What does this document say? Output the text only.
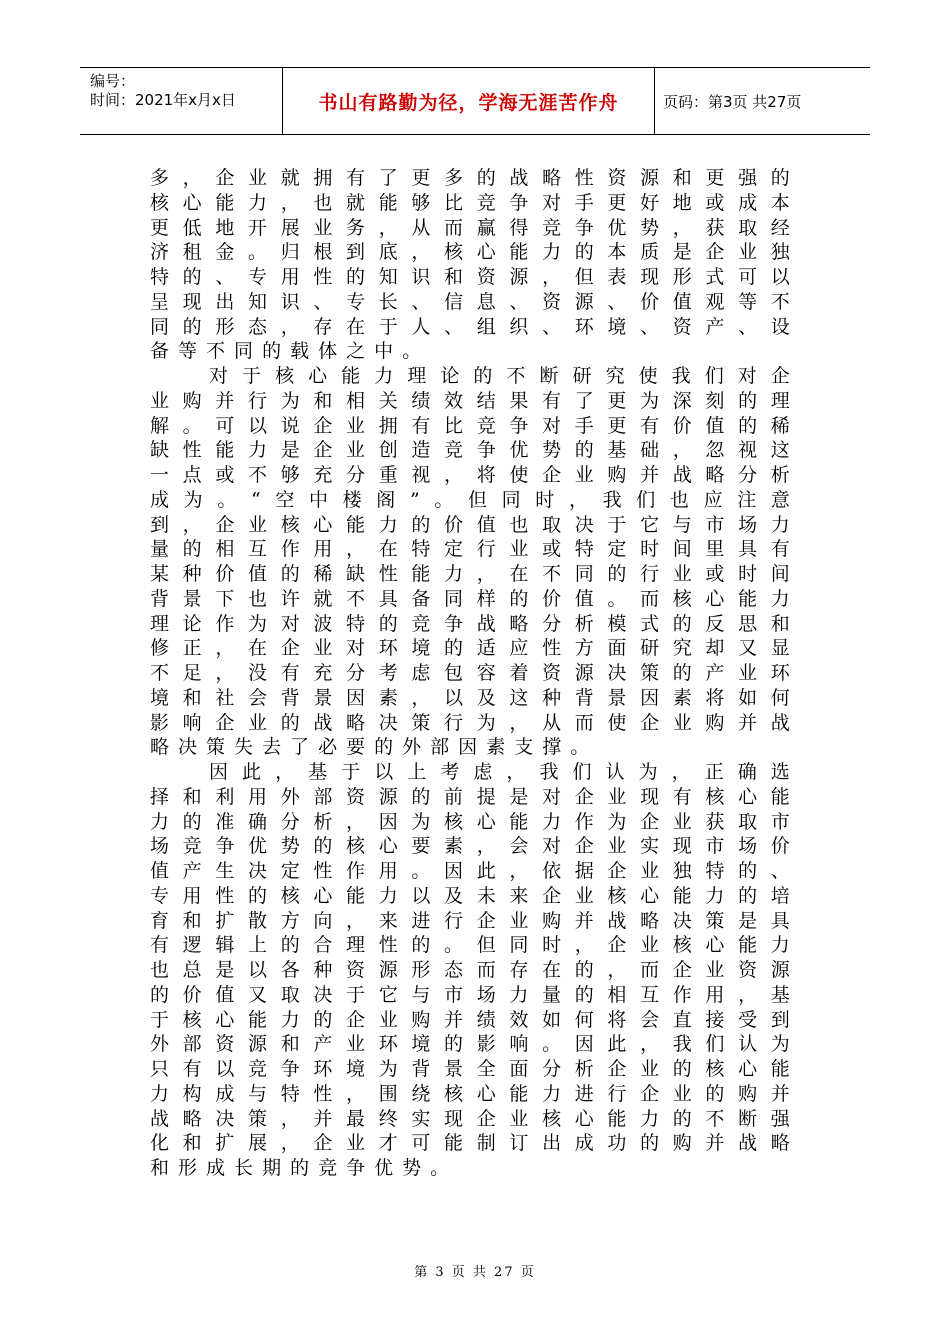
编号：
时间：2021年x月x日	书山有路勤为径，学海无涯苦作舟	页码：第3页 共27页
多 ， 企 业 就 拥 有 了 更 多 的 战 略 性 资 源 和 更 强 的
核 心 能 力 ， 也 就 能 够 比 竞 争 对 手 更 好 地 或 成 本
更 低 地 开 展 业 务 ， 从 而 赢 得 竞 争 优 势 ， 获 取 经
济 租 金 。 归 根 到 底 ， 核 心 能 力 的 本 质 是 企 业 独
特 的 、 专 用 性 的 知 识 和 资 源 ， 但 表 现 形 式 可 以
呈 现 出 知 识 、 专 长 、 信 息 、 资 源 、 价 值 观 等 不
同 的 形 态 ， 存 在 于 人 、 组 织 、 环 境 、 资 产 、 设
备 等 不 同 的 载 体 之 中 。
对 于 核 心 能 力 理 论 的 不 断 研 究 使 我 们 对 企
业 购 并 行 为 和 相 关 绩 效 结 果 有 了 更 为 深 刻 的 理
解 。 可 以 说 企 业 拥 有 比 竞 争 对 手 更 有 价 值 的 稀
缺 性 能 力 是 企 业 创 造 竞 争 优 势 的 基 础 ， 忽 视 这
一 点 或 不 够 充 分 重 视 ， 将 使 企 业 购 并 战 略 分 析
成 为 。 “ 空 中 楼 阁 ” 。 但 同 时 ， 我 们 也 应 注 意
到 ， 企 业 核 心 能 力 的 价 值 也 取 决 于 它 与 市 场 力
量 的 相 互 作 用 ， 在 特 定 行 业 或 特 定 时 间 里 具 有
某 种 价 值 的 稀 缺 性 能 力 ， 在 不 同 的 行 业 或 时 间
背 景 下 也 许 就 不 具 备 同 样 的 价 值 。 而 核 心 能 力
理 论 作 为 对 波 特 的 竞 争 战 略 分 析 模 式 的 反 思 和
修 正 ， 在 企 业 对 环 境 的 适 应 性 方 面 研 究 却 又 显
不 足 ， 没 有 充 分 考 虑 包 容 着 资 源 决 策 的 产 业 环
境 和 社 会 背 景 因 素 ， 以 及 这 种 背 景 因 素 将 如 何
影 响 企 业 的 战 略 决 策 行 为 ， 从 而 使 企 业 购 并 战
略 决 策 失 去 了 必 要 的 外 部 因 素 支 撑 。
因 此 ， 基 于 以 上 考 虑 ， 我 们 认 为 ， 正 确 选
择 和 利 用 外 部 资 源 的 前 提 是 对 企 业 现 有 核 心 能
力 的 准 确 分 析 ， 因 为 核 心 能 力 作 为 企 业 获 取 市
场 竞 争 优 势 的 核 心 要 素 ， 会 对 企 业 实 现 市 场 价
值 产 生 决 定 性 作 用 。 因 此 ， 依 据 企 业 独 特 的 、
专 用 性 的 核 心 能 力 以 及 未 来 企 业 核 心 能 力 的 培
育 和 扩 散 方 向 ， 来 进 行 企 业 购 并 战 略 决 策 是 具
有 逻 辑 上 的 合 理 性 的 。 但 同 时 ， 企 业 核 心 能 力
也 总 是 以 各 种 资 源 形 态 而 存 在 的 ， 而 企 业 资 源
的 价 值 又 取 决 于 它 与 市 场 力 量 的 相 互 作 用 ， 基
于 核 心 能 力 的 企 业 购 并 绩 效 如 何 将 会 直 接 受 到
外 部 资 源 和 产 业 环 境 的 影 响 。 因 此 ， 我 们 认 为
只 有 以 竞 争 环 境 为 背 景 全 面 分 析 企 业 的 核 心 能
力 构 成 与 特 性 ， 围 绕 核 心 能 力 进 行 企 业 的 购 并
战 略 决 策 ， 并 最 终 实 现 企 业 核 心 能 力 的 不 断 强
化 和 扩 展 ， 企 业 才 可 能 制 订 出 成 功 的 购 并 战 略
和 形 成 长 期 的 竞 争 优 势 。
第 3 页 共 27 页
